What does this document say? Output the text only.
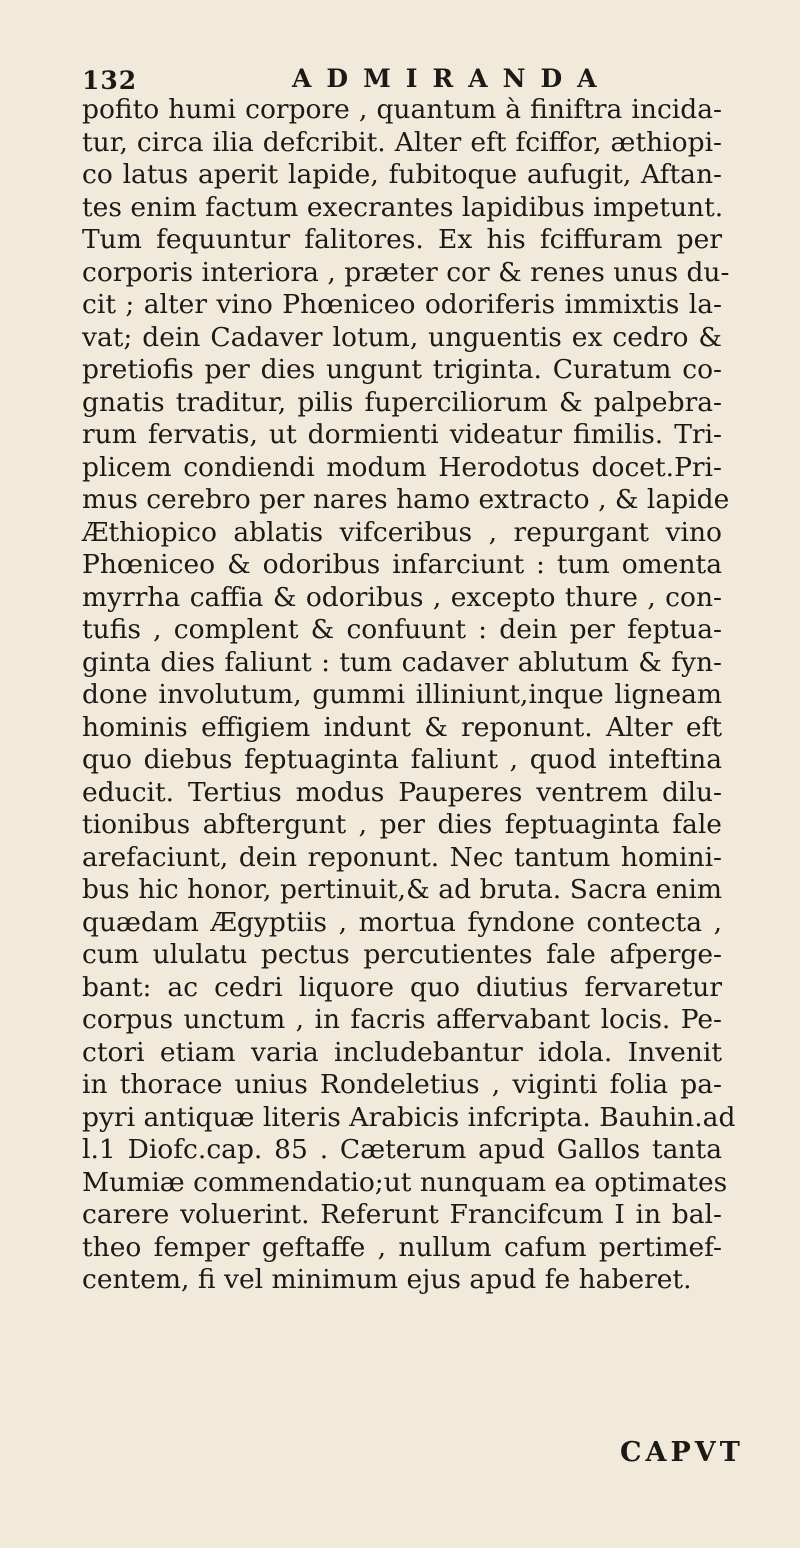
132	ADMIRANDA
pofito humi corpore , quantum à finiftra incida-
tur, circa ilia defcribit. Alter eft fciffor, æthiopi-
co latus aperit lapide, fubitoque aufugit, Aftan-
tes enim factum execrantes lapidibus impetunt.
Tum fequuntur falitores. Ex his fciffuram per
corporis interiora , præter cor & renes unus du-
cit ; alter vino Phœniceo odoriferis immixtis la-
vat; dein Cadaver lotum, unguentis ex cedro &
pretiofis per dies ungunt triginta. Curatum co-
gnatis traditur, pilis fuperciliorum & palpebra-
rum fervatis, ut dormienti videatur fimilis. Tri-
plicem condiendi modum Herodotus docet.Pri-
mus cerebro per nares hamo extracto , & lapide
Æthiopico ablatis vifceribus , repurgant vino
Phœniceo & odoribus infarciunt : tum omenta
myrrha caffia & odoribus , excepto thure , con-
tufis , complent & confuunt : dein per feptua-
ginta dies faliunt : tum cadaver ablutum & fyn-
done involutum, gummi illiniunt,inque ligneam
hominis effigiem indunt & reponunt. Alter eft
quo diebus feptuaginta faliunt , quod inteftina
educit. Tertius modus Pauperes ventrem dilu-
tionibus abftergunt , per dies feptuaginta fale
arefaciunt, dein reponunt. Nec tantum homini-
bus hic honor, pertinuit,& ad bruta. Sacra enim
quædam Ægyptiis , mortua fyndone contecta ,
cum ululatu pectus percutientes fale afperge-
bant: ac cedri liquore quo diutius fervaretur
corpus unctum , in facris affervabant locis. Pe-
ctori etiam varia includebantur idola. Invenit
in thorace unius Rondeletius , viginti folia pa-
pyri antiquæ literis Arabicis infcripta. Bauhin.ad
l.1 Diofc.cap. 85 . Cæterum apud Gallos tanta
Mumiæ commendatio;ut nunquam ea optimates
carere voluerint. Referunt Francifcum I in bal-
theo femper geftaffe , nullum cafum pertimef-
centem, fi vel minimum ejus apud fe haberet.
CAPVT
